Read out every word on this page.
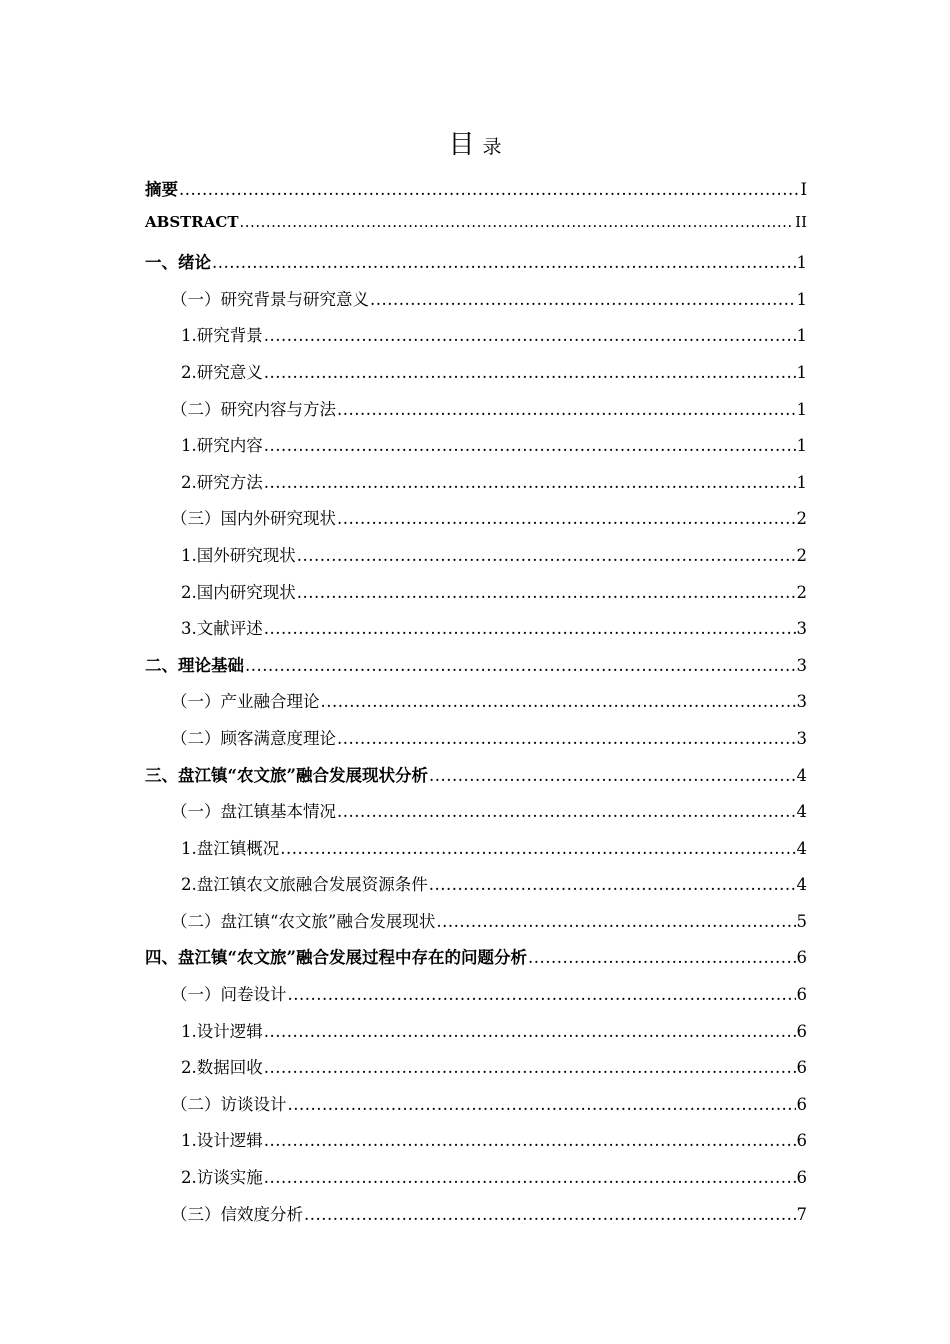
目 录
摘要 .....	I
ABSTRACT .....	II
一、绪论 .....	1
（一）研究背景与研究意义 .....	1
1.研究背景 .....	1
2.研究意义 .....	1
（二）研究内容与方法 .....	1
1.研究内容 .....	1
2.研究方法 .....	1
（三）国内外研究现状 .....	2
1.国外研究现状 .....	2
2.国内研究现状 .....	2
3.文献评述 .....	3
二、理论基础 .....	3
（一）产业融合理论 .....	3
（二）顾客满意度理论 .....	3
三、盘江镇“农文旅”融合发展现状分析 .....	4
（一）盘江镇基本情况 .....	4
1.盘江镇概况 .....	4
2.盘江镇农文旅融合发展资源条件 .....	4
（二）盘江镇“农文旅”融合发展现状 .....	5
四、盘江镇“农文旅”融合发展过程中存在的问题分析 .....	6
（一）问卷设计 .....	6
1.设计逻辑 .....	6
2.数据回收 .....	6
（二）访谈设计 .....	6
1.设计逻辑 .....	6
2.访谈实施 .....	6
（三）信效度分析 .....	7
